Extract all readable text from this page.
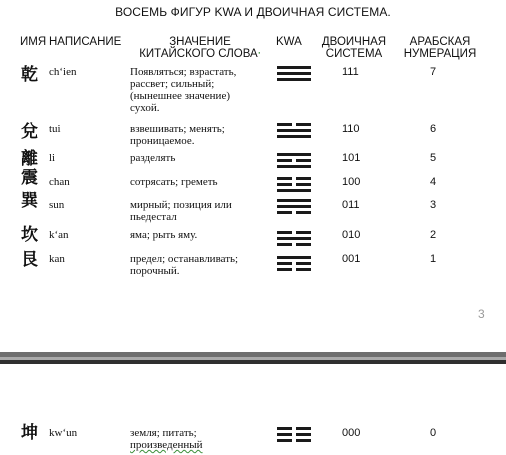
ВОСЕМЬ ФИГУР KWA И ДВОИЧНАЯ СИСТЕМА.
ИМЯ НАПИСАНИЕ	ЗНАЧЕНИЕ
КИТАЙСКОГО СЛОВА⸱
KWA ДВОИЧНАЯ
СИСТЕМА
АРАБСКАЯ
НУМЕРАЦИЯ
乾 ch‘ien	Появляться; взрастать,
рассвет; сильный;
(нынешнее значение)
сухой.
111	7
兌 tui	взвешивать; менять;
проницаемое.
110	6
離 li	разделять	101	5
震 chan	сотрясать; греметь	100	4
巽 sun	мирный; позиция или
пьедестал
011	3
坎 k‘an	яма; рыть яму.	010	2
艮 kan	предел; останавливать;
порочный.
001	1
3
坤 kw‘un	земля; питать;
произведенный
000	0
